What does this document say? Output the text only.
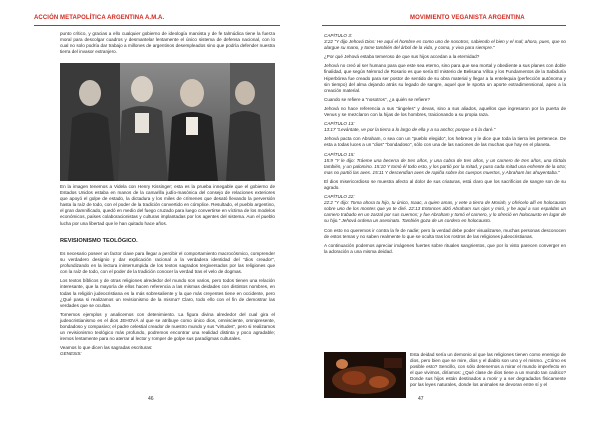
ACCIÓN METAPOLÍTICA ARGENTINA A.M.A.
punto crítico, y gracias a ello cualquier gobierno de ideología marxista y de fe talmúdica tiene la fuerza moral para descolgar cuadros y desmantelar lentamente el único sistema de defensa nacional, con lo cual no solo podría dar trabajo a millones de argentinos desempleados sino que podría defender nuestra tierra del invasor extranjero.
En la imagen tenemos a Videla con Henry Kissinger; esta es la prueba innegable que el gobierno de Estados Unidos estaba en manos de la camarilla judío-masónica del consejo de relaciones exteriores que apoyó el golpe de estado, la dictadura y los miles de crímenes que desató llevando la perversión hasta la raíz de todo, con el poder de la tradición convertido en cómplice. Resultado, el pueblo argentino, el gran damnificado, quedó en medio del fuego cruzado para luego convertirse en víctima de los modelos económicos, países colaboracionistas y culturas implantadas por los agentes del sistema. Aun el pueblo lucha por una libertad que le han quitado hace años.
REVISIONISMO TEOLÓGICO.

Es necesario poseer un factor clave para llegar a percibir el comportamiento macrocósmico, comprender su verdadero designio y dar explicación racional a la verdadera identidad del "dios creador", profundizando en la lectura ininterrumpida de los textos sagrados tergiversados por las religiones que con la raíz de todo, con el poder de la tradición conocer la verdad tras el velo de dogmas.

Los textos bíblicos y de otras religiones alrededor del mundo son varios, pero todos tienen una relación interesante, que la mayoría de ellos hacen referencia a las mismas deidades con distintos nombres, en todas la religión judeocristiana es la más sobresaliente y la que más creyentes tiene en occidente, pero ¿Qué pasa si realizamos un revisionismo de la misma? Claro, todo ello con el fin de demostrar las verdades que se ocultan.

Tomemos ejemplos y analicemos con detenimiento. La figura divina alrededor del cual gira el judeocristianismo es el dios JEHOVÁ al que se atribuye como único dios, omnisciente, omnipresente, bondadoso y compasivo; el padre celestial creador de nuestro mundo y sus "virtudes", pero si realizamos un revisionismo teológico más profundo, podremos encontrar una realidad distinta y poco agradable; iremos lentamente para no aterrar al lector y romper de golpe sus paradigmas culturales.

Veamos lo que dicen las sagradas escrituras:

GENESIS:

46
MOVIMIENTO VEGANISTA ARGENTINA
CAPÍTULO 3:

3:22 "Y dijo Jehová Dios: He aquí el hombre es como uno de nosotros, sabiendo el bien y el mal; ahora, pues, que no alargue su mano, y tome también del árbol de la vida, y coma, y viva para siempre."

¿Por qué Jehová estaba temeroso de que sus hijos accedan a la eternidad?

Jehová no creó al ser humano para que este sea eterno, sino para que sea mortal y obediente a sus planes con doble finalidad, que según Némrod de Rosario es que sería El misterio de Belisana Villca y los Fundamentos de la Sabiduría Hiperbórea fue creado para ser postor de sentido de su obra material y llegar a la entelequia (perfección autónoma y sin tiempo) del alma dejando atrás su legado de sangre, aquel que le sporta un aporte extradimensional, apeo a la creación material.

Cuando se refiere a "nosotros", ¿a quién se refiere?

Jehová no hace referencia a sus "ángeles" y devas, sino a sus aliados, aquellos que ingresaron por la puerta de Venus y se mezclaron con la hijas de los hombres, traicionando a su propia raza.

CAPÍTULO 13:

13:17 "Levántate, ve por la tierra a lo largo de ella y a su ancho; porque a ti la daré."

Jehová pacta con Abraham, o sea con un "pueblo elegido", los hebreos y le dice que toda la tierra les pertenece. De esta a todas luces a un "dios" "bondadoso", sólo con una de las naciones de las muchas que hay en el planeta.

CAPÍTULO 15:

15:9 "Y le dijo: Tráeme una becerra de tres años, y una cabra de tres años, y un carnero de tres años, una tórtola también, y un palomino. 15:10 Y tomó él todo esto, y los partió por la mitad, y puso cada mitad una enfrente de la otra; mas no partió las aves. 15:11 Y descendían aves de rapiña sobre los cuerpos muertos, y Abraham las ahuyentaba."

El dios misericordioso se muestra afecto al dolor de sus criaturas, está claro que los sacrificios de sangre son de su agrado.

CAPÍTULO 22:

22:2 "Y dijo: Toma ahora tu hijo, tu único, Isaac, a quien amas, y vete a tierra de Moriah, y ofrécelo allí en holocausto sobre uno de los montes que yo te diré. 22:13 Entonces alzó Abraham sus ojos y miró, y he aquí a sus espaldas un carnero trabado en un zarzal por sus cuernos; y fue Abraham y tomó el carnero, y lo ofreció en holocausto en lugar de su hijo." Jehová ordena un asesinato. También goza de un cordero en holocausto.

Con esto no queremos ir contra la fe de nadie; pero la verdad debe poder visualizarse, muchas personas desconocen de estos temas y no saben realmente lo que se oculta tras los rostros de las religiones judeocristianas.

A continuación podemos apreciar imágenes fuertes sobre rituales sangrientos, que por lo visto parecen converger en la adoración a una misma deidad.

Esta deidad sería un demonio al que las religiones tienen como enemigo de dios, pero bien que se mire, dios y el diablo son uno y el mismo. ¿Cómo es posible esto? Sencillo, con sólo detenernos a mirar el mundo imperfecto en el que vivimos, diríamos: ¿Qué clase de dios tiene a un mundo tan caótico? Donde sus hijos están destinados a morir y a ser degradados físicamente por las leyes naturales, donde los animales se devoran entre sí y el
47
